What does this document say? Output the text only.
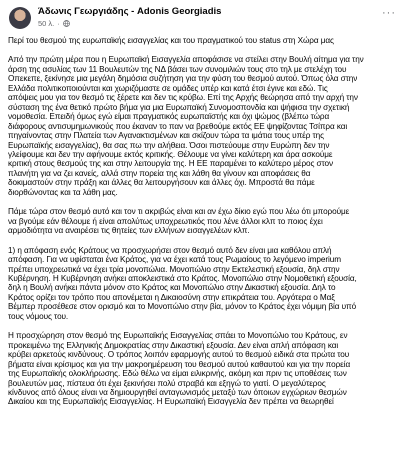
Άδωνις Γεωργιάδης - Adonis Georgiadis
50 λ. ·
···

Περί του θεσμού της ευρωπαϊκής εισαγγελίας και του πραγματικού του status στη Χώρα μας

Από την πρώτη μέρα που η Ευρωπαϊκή Εισαγγελία αποφάσισε να στείλει στην Βουλή αίτημα για την
άρση της ασυλίας των 11 Βουλευτών της ΝΔ βάσει των συνομιλιών τους στο τηλ με στελέχη του
Οπεκεπε, ξεκίνησε μια μεγάλη δημόσια συζήτηση για την φύση του θεσμού αυτού. Όπως όλα στην
Ελλάδα πολιτικοποιούνται και χωριζόμαστε σε ομάδες υπέρ και κατά έτσι έγινε και εδώ. Τις
απόψεις μου για τον θεσμό τις ξέρετε και δεν τις κρύβω. Επί της Αρχής θεώρησα από την αρχή την
σύσταση της ένα θετικό πρώτο βήμα για μια Ευρωπαϊκή Συνομοσπονδία και ψήφισα την σχετική
νομοθεσία. Επειδή όμως εγώ είμαι πραγματικός ευρωπαϊστής και όχι ψώμος (βλέπω τώρα
διάφορους αντισυμημωνικούς που έκαναν το παν να βρεθούμε εκτός ΕΕ ψηφίζοντας Τσίπρα και
πηγαίνοντας στην Πλατεία των Αγανακτισμένων και σκίζουν τώρα τα ιμάτια τους υπέρ της
Ευρωπαϊκής εισαγγελίας), θα σας πω την αλήθεια. Όσοι πιστεύουμε στην Ευρώπη δεν την
γλείφουμε και δεν την αφήνουμε εκτός κριτικής. Θέλουμε να γίνει καλύτερη και άρα ασκούμε
κριτική στους θεσμούς της και στην λειτουργία της. Η ΕΕ παραμένει το καλύτερο μέρος στον
πλανήτη για να ζει κανείς, αλλά στην πορεία της και λάθη θα γίνουν και αποφάσεις θα
δοκιμαστούν στην πράξη και άλλες θα λειτουργήσουν και άλλες όχι. Μπροστά θα πάμε
διορθώνοντας και τα λάθη μας.

Πάμε τώρα στον θεσμό αυτό και τον τι ακριβώς είναι και αν έχω δίκιο εγώ που λέω ότι μπορούμε
να βγούμε εάν θέλουμε ή είναι απολύτως υποχρεωτικός που λένε άλλοι κλπ το ποιος έχει
αρμοδιότητα να αναιρέσει τις θητείες των ελλήνων εισαγγελέων κλπ.

1) η απόφαση ενός Κράτους να προσχωρήσει στον θεσμό αυτό δεν είναι μια καθόλου απλή
απόφαση. Για να υφίσταται ένα Κράτος, για να έχει κατά τους Ρωμαίους το λεγόμενο imperium
πρέπει υποχρεωτικά να έχει τρία μονοπώλια. Μονοπώλιο στην Εκτελεστική εξουσία, δηλ στην
Κυβέρνηση. Η Κυβέρνηση ανήκει αποκλειστικά στο Κράτος. Μονοπώλιο στην Νομοθετική εξουσία,
δηλ η Βουλή ανήκει πάντα μόνον στο Κράτος και Μονοπώλιο στην Δικαστική εξουσία. Δηλ το
Κράτος ορίζει τον τρόπο που απονέμεται η Δικαιοσύνη στην επικράτεια του. Αργότερα ο Μαξ
Βέμπερ προσέθεσε στον ορισμό και το Μονοπώλιο στην βία, μόνον το Κράτος έχει νόμιμη βία υπό
τους νόμους του.

Η προσχώρηση στον θεσμό της Ευρωπαϊκής Εισαγγελίας σπάει το Μονοπώλιο του Κράτους, εν
προκειμένω της Ελληνικής Δημοκρατίας στην Δικαστική εξουσία. Δεν είναι απλή απόφαση και
κρύβει αρκετούς κινδύνους. Ο τρόπος λοιπόν εφαρμογής αυτού το θεσμού ειδικά στα πρώτα του
βήματα είναι κρίσιμος και για την μακροημέρευση του θεσμού αυτού καθαυτού και για την πορεία
της Ευρωπαϊκής ολοκλήρωσης. Εδώ θέλω να είμαι ειλικρινής, ακόμη και πριν τις υποθέσεις των
βουλευτών μας, πίστευα ότι έχει ξεκινήσει πολύ στραβά και εξηγώ το γιατί. Ο μεγαλύτερος
κίνδυνος από όλους είναι να δημιουργηθεί ανταγωνισμός μεταξύ των όποιων εγχώριων θεσμών
Δικαίου και της Ευρωπαϊκής Εισαγγελίας. Η Ευρωπαϊκή Εισαγγελία δεν πρέπει να θεωρηθεί
